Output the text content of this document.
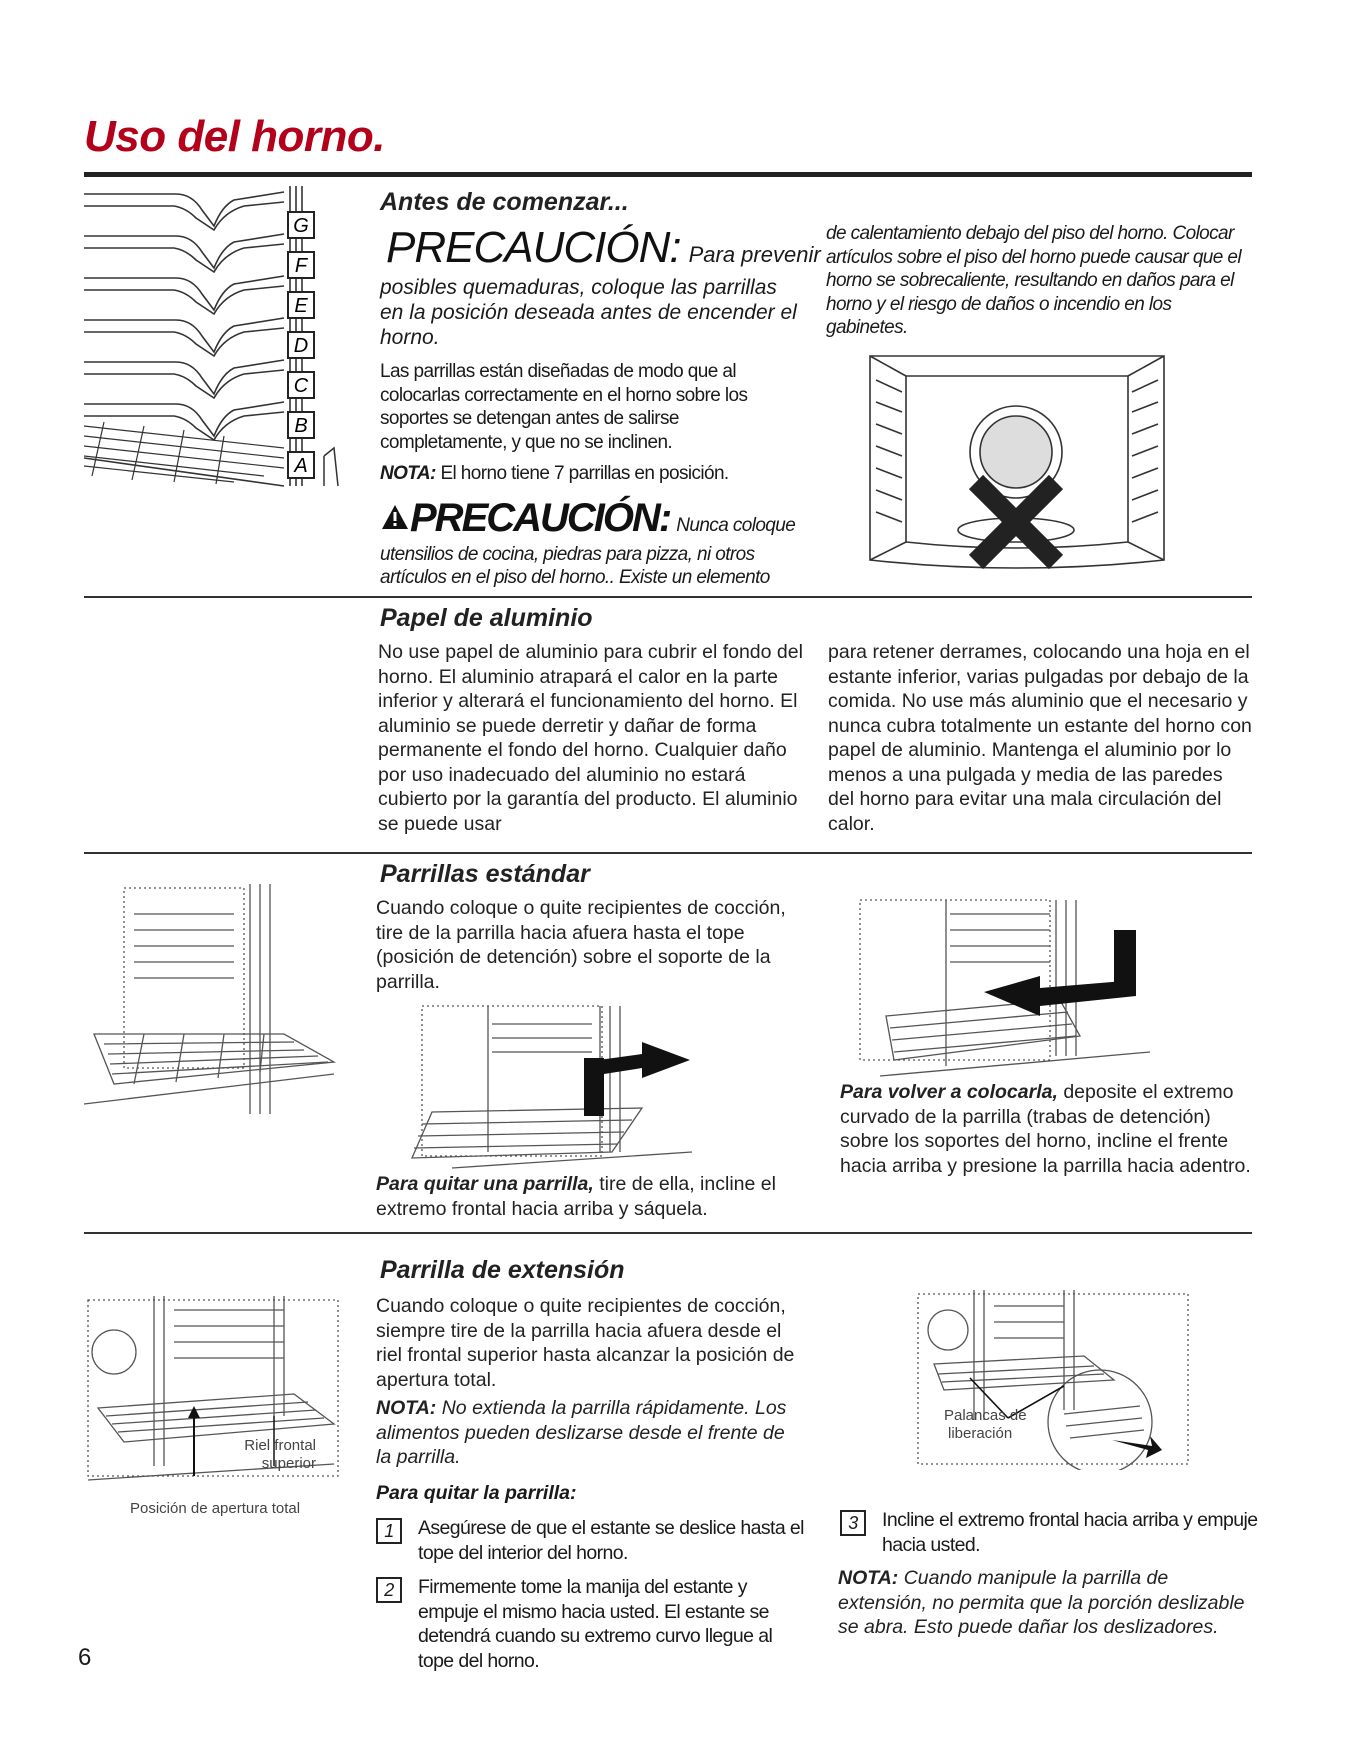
Uso del horno.
G
F
E
D
C
B
A
Antes de comenzar...
PRECAUCIÓN: Para prevenir

posibles quemaduras, coloque las parrillas en la posición deseada antes de encender el horno.

Las parrillas están diseñadas de modo que al colocarlas correctamente en el horno sobre los soportes se detengan antes de salirse completamente, y que no se inclinen.

NOTA: El horno tiene 7 parrillas en posición.

PRECAUCIÓN: Nunca coloque

utensilios de cocina, piedras para pizza, ni otros artículos en el piso del horno.. Existe un elemento

de calentamiento debajo del piso del horno. Colocar artículos sobre el piso del horno puede causar que el horno se sobrecaliente, resultando en daños para el horno y el riesgo de daños o incendio en los gabinetes.

Papel de aluminio

No use papel de aluminio para cubrir el fondo del horno. El aluminio atrapará el calor en la parte inferior y alterará el funcionamiento del horno. El aluminio se puede derretir y dañar de forma permanente el fondo del horno. Cualquier daño por uso inadecuado del aluminio no estará cubierto por la garantía del producto. El aluminio se puede usar

para retener derrames, colocando una hoja en el estante inferior, varias pulgadas por debajo de la comida. No use más aluminio que el necesario y nunca cubra totalmente un estante del horno con papel de aluminio. Mantenga el aluminio por lo menos a una pulgada y media de las paredes del horno para evitar una mala circulación del calor.

Parrillas estándar

Cuando coloque o quite recipientes de cocción, tire de la parrilla hacia afuera hasta el tope (posición de detención) sobre el soporte de la parrilla.

Para quitar una parrilla, tire de ella, incline el extremo frontal hacia arriba y sáquela.

Para volver a colocarla, deposite el extremo curvado de la parrilla (trabas de detención) sobre los soportes del horno, incline el frente hacia arriba y presione la parrilla hacia adentro.

Riel frontal
superior
Posición de apertura total
Parrilla de extensión

Cuando coloque o quite recipientes de cocción, siempre tire de la parrilla hacia afuera desde el riel frontal superior hasta alcanzar la posición de apertura total.

NOTA: No extienda la parrilla rápidamente. Los alimentos pueden deslizarse desde el frente de la parrilla.

Para quitar la parrilla:
1	Asegúrese de que el estante se deslice hasta el tope del interior del horno.
2	Firmemente tome la manija del estante y empuje el mismo hacia usted. El estante se detendrá cuando su extremo curvo llegue al tope del horno.
Palancas de
liberación
3	Incline el extremo frontal hacia arriba y empuje hacia usted.

NOTA: Cuando manipule la parrilla de extensión, no permita que la porción deslizable se abra. Esto puede dañar los deslizadores.

6
